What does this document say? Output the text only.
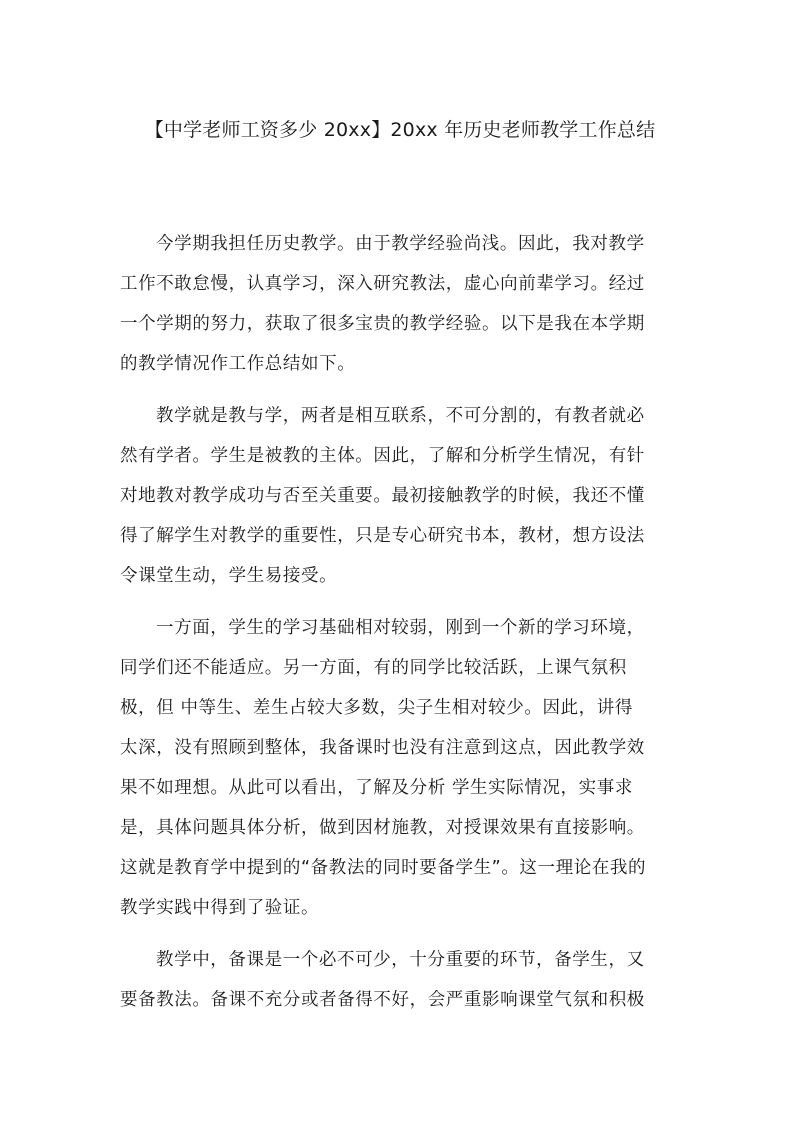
【中学老师工资多少 20xx】20xx 年历史老师教学工作总结
今学期我担任历史教学。由于教学经验尚浅。因此，我对教学
工作不敢怠慢，认真学习，深入研究教法，虚心向前辈学习。经过
一个学期的努力，获取了很多宝贵的教学经验。以下是我在本学期
的教学情况作工作总结如下。
教学就是教与学，两者是相互联系，不可分割的，有教者就必
然有学者。学生是被教的主体。因此，了解和分析学生情况，有针
对地教对教学成功与否至关重要。最初接触教学的时候，我还不懂
得了解学生对教学的重要性，只是专心研究书本，教材，想方设法
令课堂生动，学生易接受。
一方面，学生的学习基础相对较弱，刚到一个新的学习环境，
同学们还不能适应。另一方面，有的同学比较活跃，上课气氛积
极，但 中等生、差生占较大多数，尖子生相对较少。因此，讲得
太深，没有照顾到整体，我备课时也没有注意到这点，因此教学效
果不如理想。从此可以看出，了解及分析 学生实际情况，实事求
是，具体问题具体分析，做到因材施教，对授课效果有直接影响。
这就是教育学中提到的“备教法的同时要备学生”。这一理论在我的
教学实践中得到了验证。
教学中，备课是一个必不可少，十分重要的环节，备学生，又
要备教法。备课不充分或者备得不好，会严重影响课堂气氛和积极
